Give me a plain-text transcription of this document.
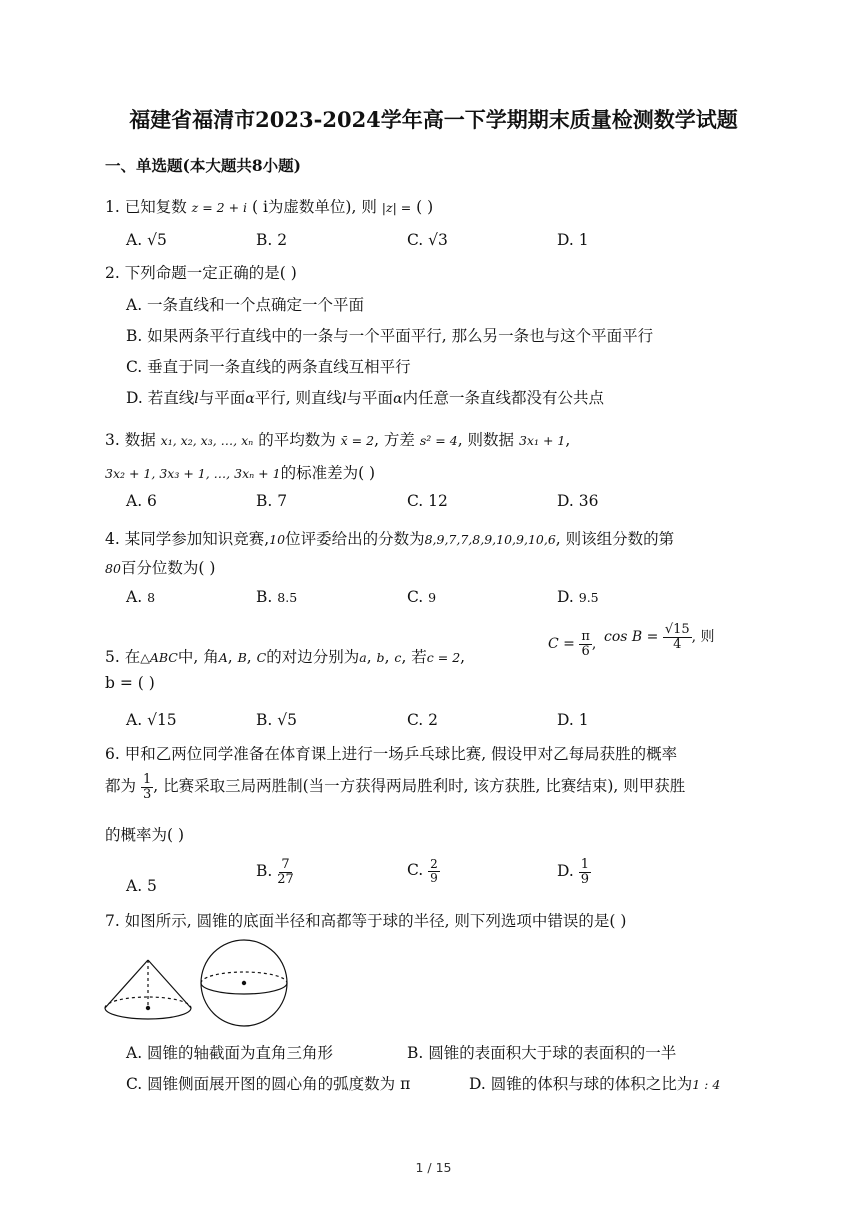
福建省福清市2023-2024学年高一下学期期末质量检测数学试题
一、单选题(本大题共8小题)
1. 已知复数 z = 2 + i ( i为虚数单位), 则 |z| = ( )
A. √5	B. 2	C. √3	D. 1
2. 下列命题一定正确的是( )
A. 一条直线和一个点确定一个平面
B. 如果两条平行直线中的一条与一个平面平行, 那么另一条也与这个平面平行
C. 垂直于同一条直线的两条直线互相平行
D. 若直线l与平面α平行, 则直线l与平面α内任意一条直线都没有公共点
3. 数据 x₁, x₂, x₃, …, xₙ 的平均数为 x̄ = 2, 方差 s² = 4, 则数据 3x₁ + 1,
3x₂ + 1, 3x₃ + 1, …, 3xₙ + 1的标准差为( )
A. 6	B. 7	C. 12	D. 36
4. 某同学参加知识竞赛,10位评委给出的分数为8,9,7,7,8,9,10,9,10,6, 则该组分数的第
80百分位数为( )
A. 8	B. 8.5	C. 9	D. 9.5
5. 在△ABC中, 角A, B, C的对边分别为a, b, c, 若c = 2,
$C = \frac{\pi}{6}$ , $\cos B = \frac{√15}{4}$ , 则
b = ( )
A. √15	B. √5	C. 2	D. 1
6. 甲和乙两位同学准备在体育课上进行一场乒乓球比赛, 假设甲对乙每局获胜的概率
都为 $\frac{1}{3}$ , 比赛采取三局两胜制(当一方获得两局胜利时, 该方获胜, 比赛结束), 则甲获胜
的概率为( )
A. 5
B. $\frac{7}{27}$	C. $\frac{2}{9}$	D. $\frac{1}{9}$
7. 如图所示, 圆锥的底面半径和高都等于球的半径, 则下列选项中错误的是( )
A. 圆锥的轴截面为直角三角形	B. 圆锥的表面积大于球的表面积的一半
C. 圆锥侧面展开图的圆心角的弧度数为 π	D. 圆锥的体积与球的体积之比为1 : 4
1 / 15
